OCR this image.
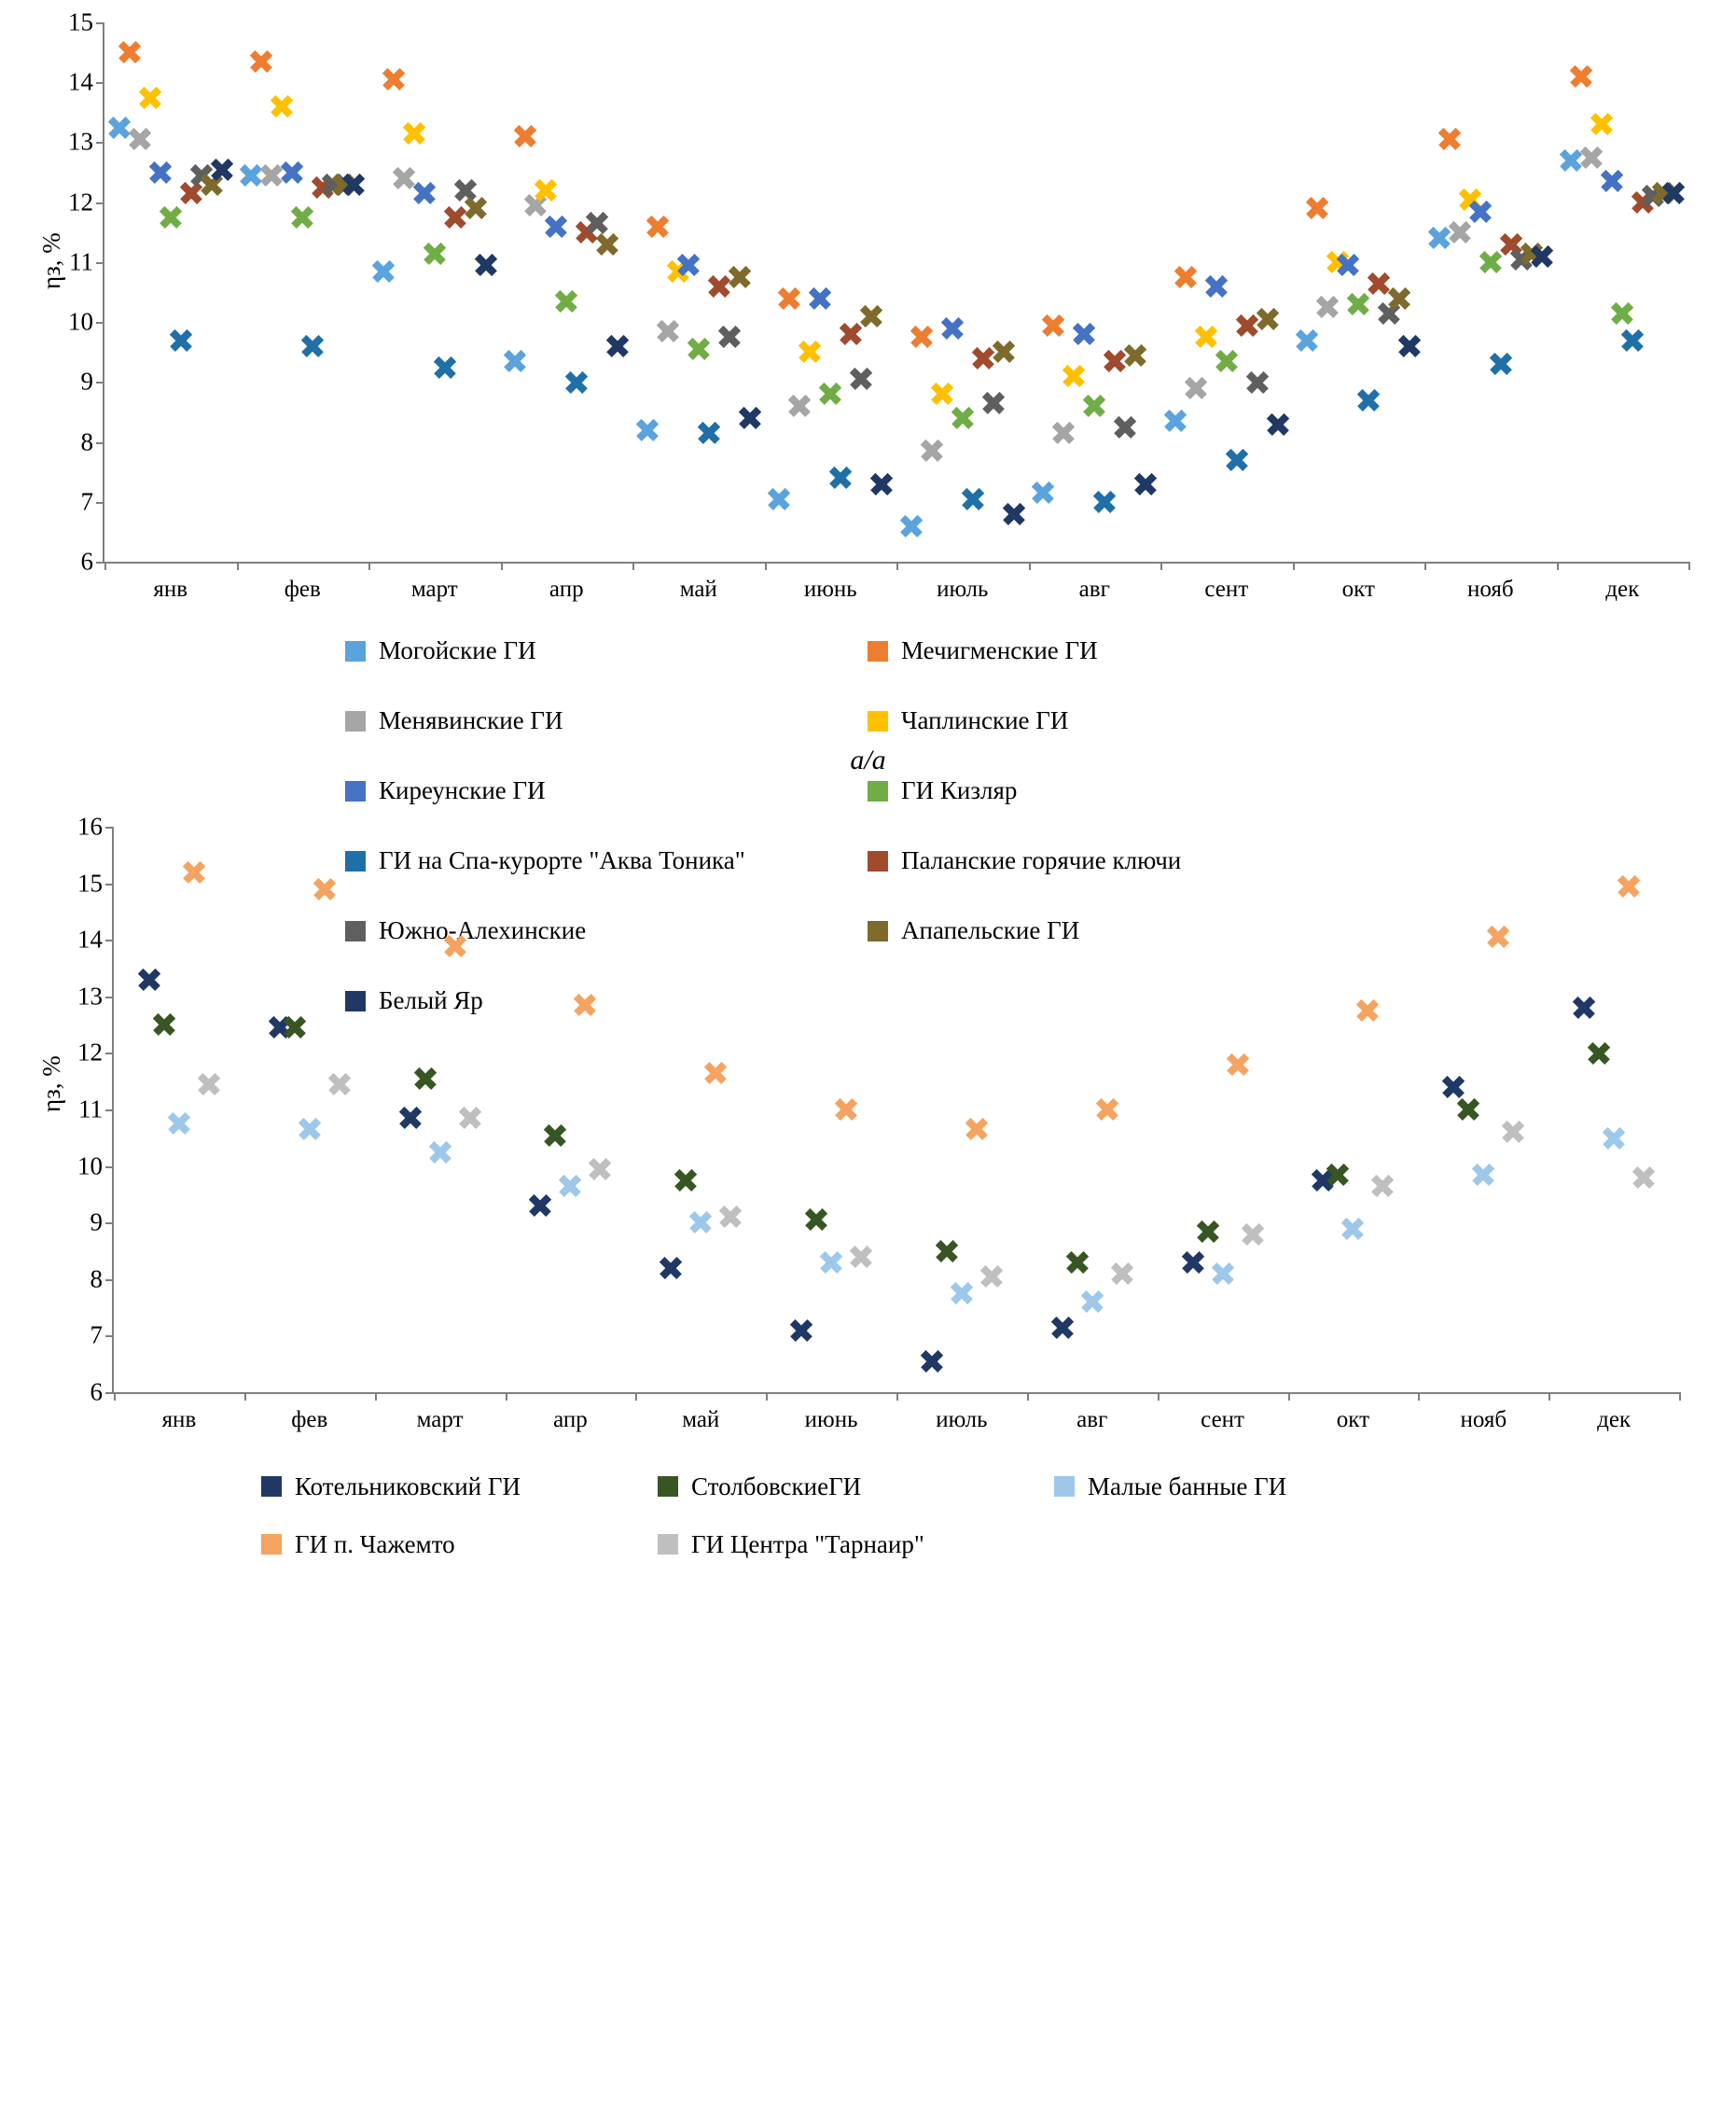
ηз, %
6
7
8
9
10
11
12
13
14
15
янв	фев	март	апр	май	июнь	июль	авг	сент	окт	нояб	дек
Могойские ГИ	Мечигменские ГИ
Менявинские ГИ	Чаплинские ГИ
Киреунские ГИ	ГИ Кизляр
ГИ на Спа-курорте "Аква Тоника"	Паланские горячие ключи
Южно-Алехинские	Апапельские ГИ
Белый Яр
а/а
ηз, %
6
7
8
9
10
11
12
13
14
15
16
янв	фев	март	апр	май	июнь	июль	авг	сент	окт	нояб	дек
Котельниковский ГИ	СтолбовскиеГИ	Малые банные ГИ
ГИ п. Чажемто	ГИ Центра "Тарнаир"
